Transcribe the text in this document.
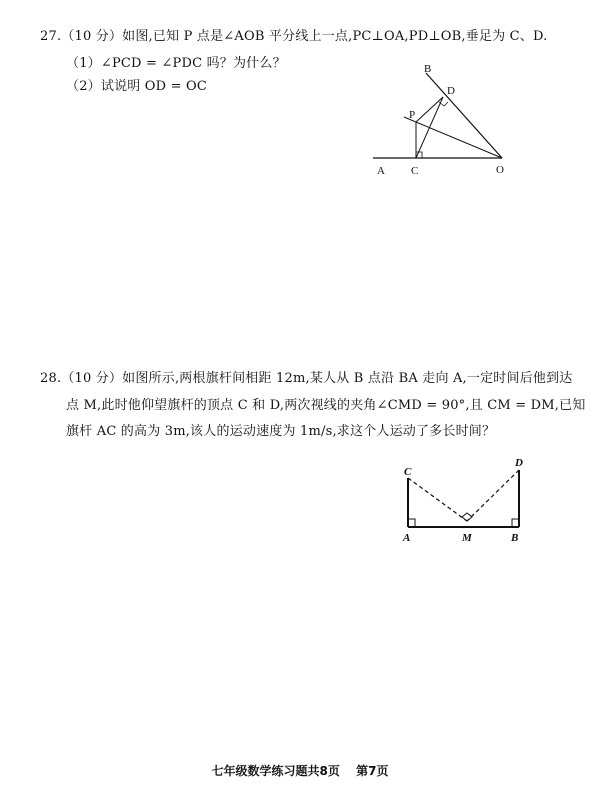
27.（10 分）如图,已知 P 点是∠AOB 平分线上一点,PC⊥OA,PD⊥OB,垂足为 C、D.
（1）∠PCD = ∠PDC 吗？为什么？
（2）试说明 OD = OC
B
D
P
A C	O
28.（10 分）如图所示,两根旗杆间相距 12m,某人从 B 点沿 BA 走向 A,一定时间后他到达
点 M,此时他仰望旗杆的顶点 C 和 D,两次视线的夹角∠CMD = 90°,且 CM = DM,已知
旗杆 AC 的高为 3m,该人的运动速度为 1m/s,求这个人运动了多长时间？
C
D
A	M	B
七年级数学练习题共8页 第7页
